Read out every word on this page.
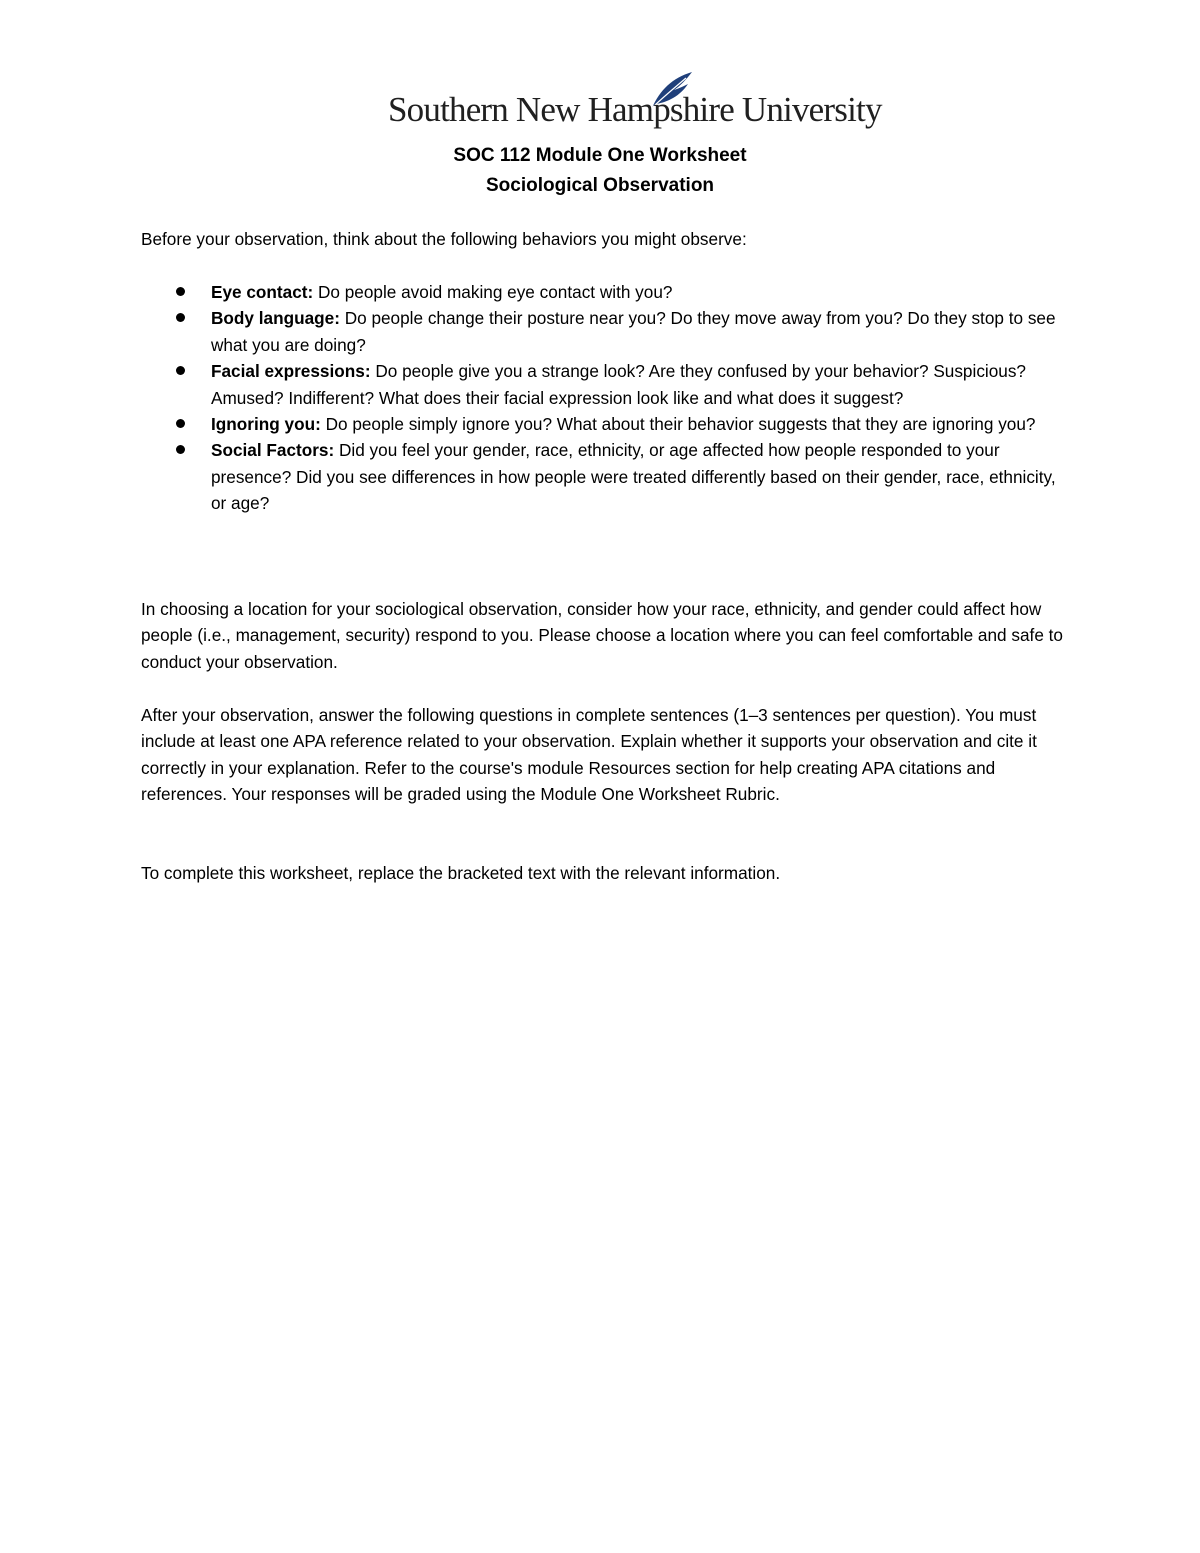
Southern New Hampshire University
SOC 112 Module One Worksheet
Sociological Observation

Before your observation, think about the following behaviors you might observe:

Eye contact: Do people avoid making eye contact with you?
Body language: Do people change their posture near you? Do they move away from you? Do they stop to see what you are doing?
Facial expressions: Do people give you a strange look? Are they confused by your behavior? Suspicious? Amused? Indifferent? What does their facial expression look like and what does it suggest?
Ignoring you: Do people simply ignore you? What about their behavior suggests that they are ignoring you?
Social Factors: Did you feel your gender, race, ethnicity, or age affected how people responded to your presence? Did you see differences in how people were treated differently based on their gender, race, ethnicity, or age?

In choosing a location for your sociological observation, consider how your race, ethnicity, and gender could affect how people (i.e., management, security) respond to you. Please choose a location where you can feel comfortable and safe to conduct your observation.

After your observation, answer the following questions in complete sentences (1–3 sentences per question). You must include at least one APA reference related to your observation. Explain whether it supports your observation and cite it correctly in your explanation. Refer to the course's module Resources section for help creating APA citations and references. Your responses will be graded using the Module One Worksheet Rubric.

To complete this worksheet, replace the bracketed text with the relevant information.
